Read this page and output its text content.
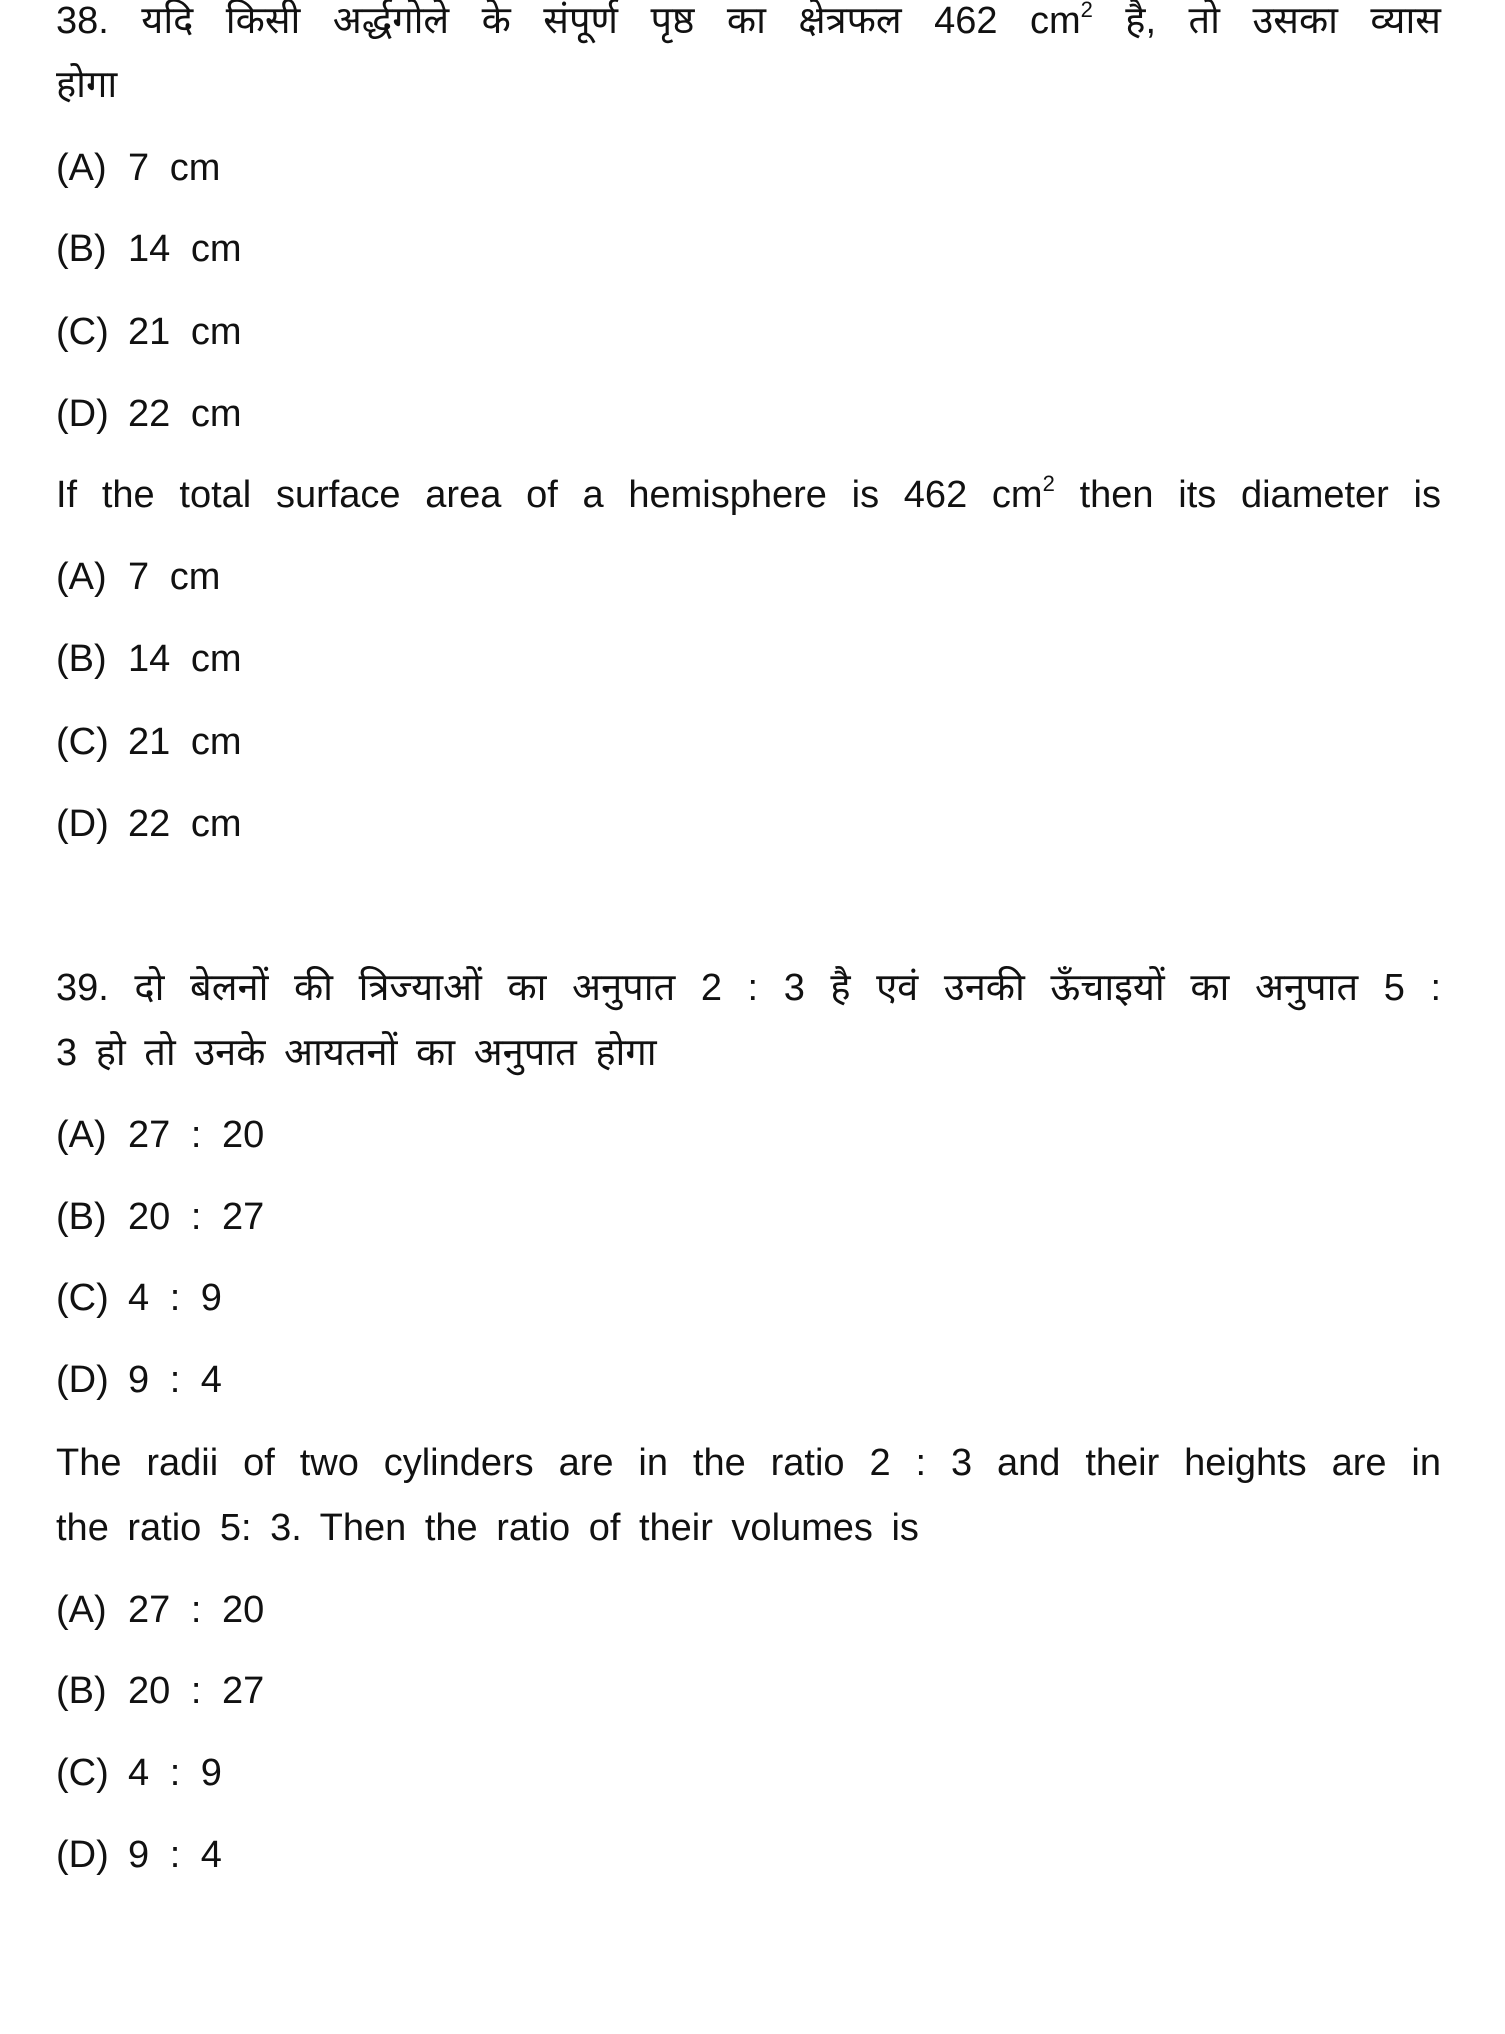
38. यदि किसी अर्द्धगोले के संपूर्ण पृष्ठ का क्षेत्रफल 462 $cm^2$ है, तो उसका व्यास
होगा
(A) 7 cm
(B) 14 cm
(C) 21 cm
(D) 22 cm
If the total surface area of a hemisphere is 462 $cm^2$ then its diameter is
(A) 7 cm
(B) 14 cm
(C) 21 cm
(D) 22 cm
39. दो बेलनों की त्रिज्याओं का अनुपात 2 : 3 है एवं उनकी ऊँचाइयों का अनुपात 5 :
3 हो तो उनके आयतनों का अनुपात होगा
(A) 27 : 20
(B) 20 : 27
(C) 4 : 9
(D) 9 : 4
The radii of two cylinders are in the ratio 2 : 3 and their heights are in
the ratio 5: 3. Then the ratio of their volumes is
(A) 27 : 20
(B) 20 : 27
(C) 4 : 9
(D) 9 : 4
